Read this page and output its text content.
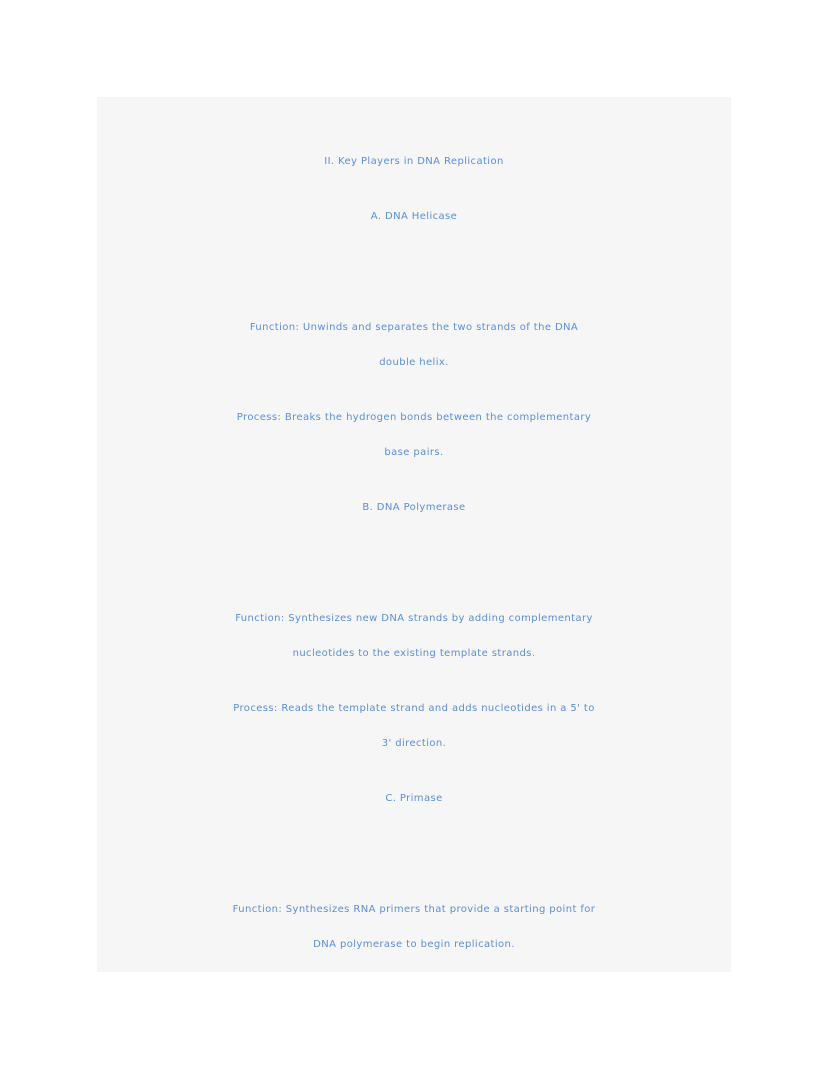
II. Key Players in DNA Replication
A. DNA Helicase
Function: Unwinds and separates the two strands of the DNA
double helix.
Process: Breaks the hydrogen bonds between the complementary
base pairs.
B. DNA Polymerase
Function: Synthesizes new DNA strands by adding complementary
nucleotides to the existing template strands.
Process: Reads the template strand and adds nucleotides in a 5' to
3' direction.
C. Primase
Function: Synthesizes RNA primers that provide a starting point for
DNA polymerase to begin replication.
